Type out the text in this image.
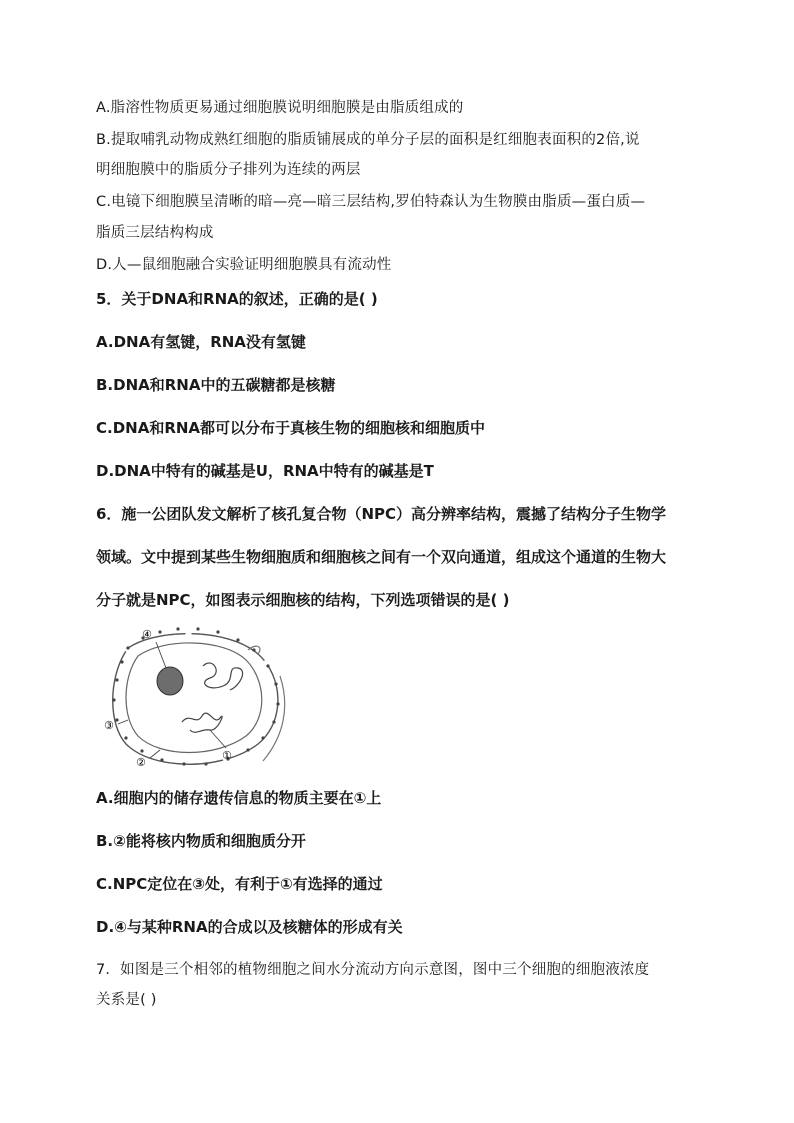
A.脂溶性物质更易通过细胞膜说明细胞膜是由脂质组成的
B.提取哺乳动物成熟红细胞的脂质铺展成的单分子层的面积是红细胞表面积的2倍,说
明细胞膜中的脂质分子排列为连续的两层
C.电镜下细胞膜呈清晰的暗—亮—暗三层结构,罗伯特森认为生物膜由脂质—蛋白质—
脂质三层结构构成
D.人—鼠细胞融合实验证明细胞膜具有流动性
5．关于DNA和RNA的叙述，正确的是( )
A.DNA有氢键，RNA没有氢键
B.DNA和RNA中的五碳糖都是核糖
C.DNA和RNA都可以分布于真核生物的细胞核和细胞质中
D.DNA中特有的碱基是U，RNA中特有的碱基是T
6．施一公团队发文解析了核孔复合物（NPC）高分辨率结构，震撼了结构分子生物学
领域。文中提到某些生物细胞质和细胞核之间有一个双向通道，组成这个通道的生物大
分子就是NPC，如图表示细胞核的结构，下列选项错误的是( )
④
③
②
①
A.细胞内的储存遗传信息的物质主要在①上
B.②能将核内物质和细胞质分开
C.NPC定位在③处，有利于①有选择的通过
D.④与某种RNA的合成以及核糖体的形成有关
7．如图是三个相邻的植物细胞之间水分流动方向示意图，图中三个细胞的细胞液浓度
关系是( )
